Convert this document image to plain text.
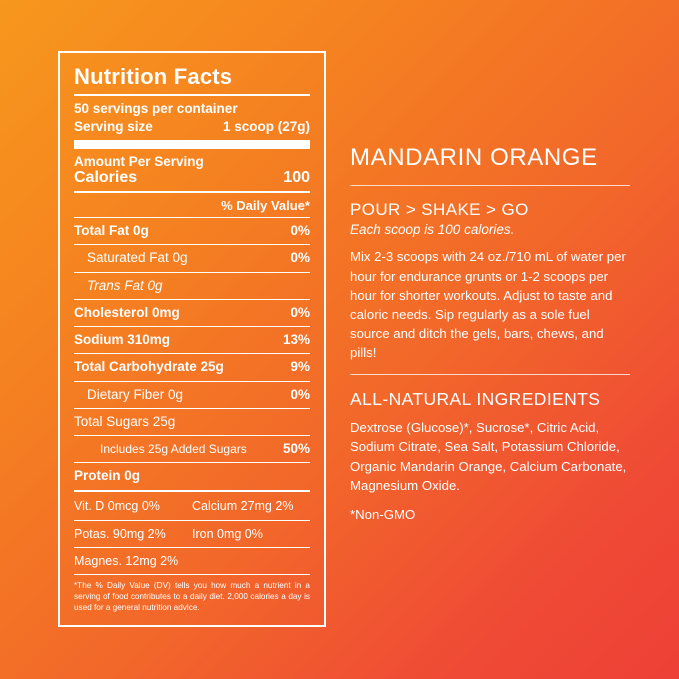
Nutrition Facts
50 servings per container
Serving size	1 scoop (27g)
Amount Per Serving
Calories	100
% Daily Value*
Total Fat 0g	0%
Saturated Fat 0g	0%
Trans Fat 0g
Cholesterol 0mg	0%
Sodium 310mg	13%
Total Carbohydrate 25g	9%
Dietary Fiber 0g	0%
Total Sugars 25g
Includes 25g Added Sugars	50%
Protein 0g
Vit. D 0mcg 0%	Calcium 27mg 2%
Potas. 90mg 2%	Iron 0mg 0%
Magnes. 12mg 2%
*The % Daily Value (DV) tells you how much a nutrient in a serving of food contributes to a daily diet. 2,000 calories a day is used for a general nutrition advice.
MANDARIN ORANGE
POUR > SHAKE > GO
Each scoop is 100 calories.
Mix 2-3 scoops with 24 oz./710 mL of water per hour for endurance grunts or 1-2 scoops per hour for shorter workouts. Adjust to taste and caloric needs. Sip regularly as a sole fuel source and ditch the gels, bars, chews, and pills!
ALL-NATURAL INGREDIENTS
Dextrose (Glucose)*, Sucrose*, Citric Acid, Sodium Citrate, Sea Salt, Potassium Chloride, Organic Mandarin Orange, Calcium Carbonate, Magnesium Oxide.
*Non-GMO
